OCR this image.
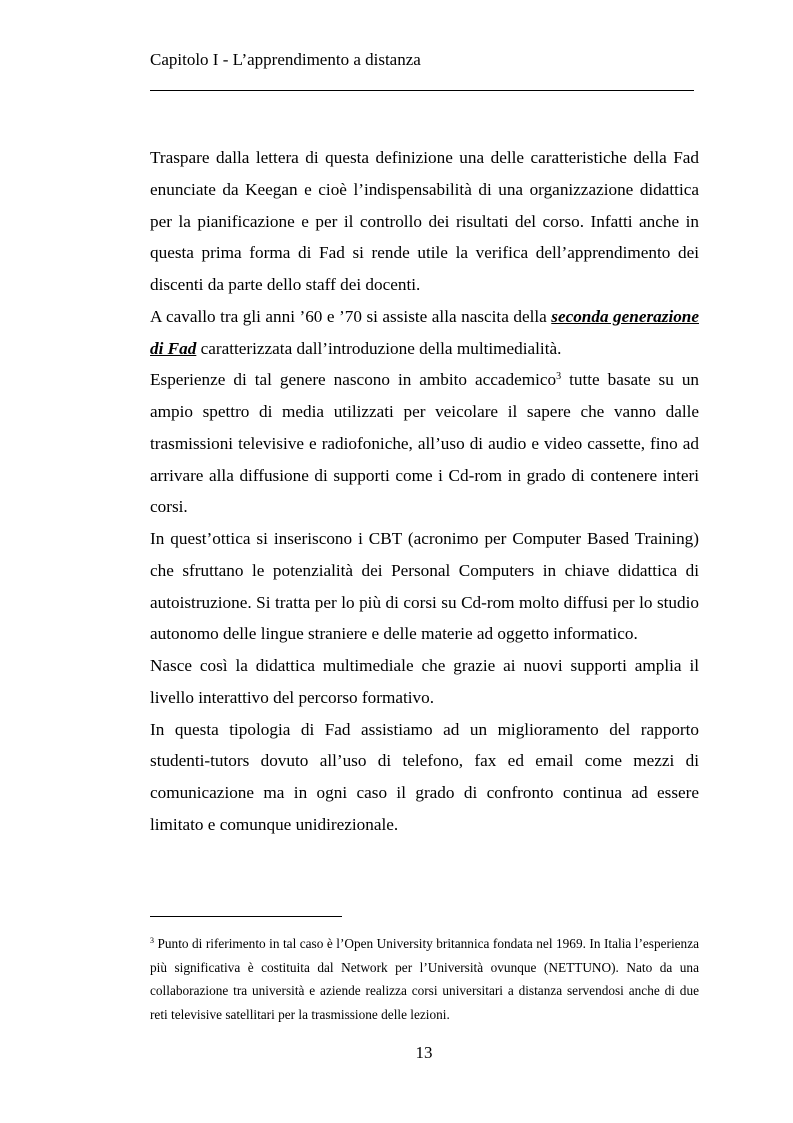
Capitolo I - L’apprendimento a distanza

Traspare dalla lettera di questa definizione una delle caratteristiche della Fad enunciate da Keegan e cioè l’indispensabilità di una organizzazione didattica per la pianificazione e per il controllo dei risultati del corso. Infatti anche in questa prima forma di Fad si rende utile la verifica dell’apprendimento dei discenti da parte dello staff dei docenti.

A cavallo tra gli anni ’60 e ’70 si assiste alla nascita della seconda generazione di Fad caratterizzata dall’introduzione della multimedialità.

Esperienze di tal genere nascono in ambito accademico$^3$ tutte basate su un ampio spettro di media utilizzati per veicolare il sapere che vanno dalle trasmissioni televisive e radiofoniche, all’uso di audio e video cassette, fino ad arrivare alla diffusione di supporti come i Cd-rom in grado di contenere interi corsi.

In quest’ottica si inseriscono i CBT (acronimo per Computer Based Training) che sfruttano le potenzialità dei Personal Computers in chiave didattica di autoistruzione. Si tratta per lo più di corsi su Cd-rom molto diffusi per lo studio autonomo delle lingue straniere e delle materie ad oggetto informatico.

Nasce così la didattica multimediale che grazie ai nuovi supporti amplia il livello interattivo del percorso formativo.

In questa tipologia di Fad assistiamo ad un miglioramento del rapporto studenti-tutors dovuto all’uso di telefono, fax ed email come mezzi di comunicazione ma in ogni caso il grado di confronto continua ad essere limitato e comunque unidirezionale.

$^3$ Punto di riferimento in tal caso è l’Open University britannica fondata nel 1969. In Italia l’esperienza più significativa è costituita dal Network per l’Università ovunque (NETTUNO). Nato da una collaborazione tra università e aziende realizza corsi universitari a distanza servendosi anche di due reti televisive satellitari per la trasmissione delle lezioni.
13
